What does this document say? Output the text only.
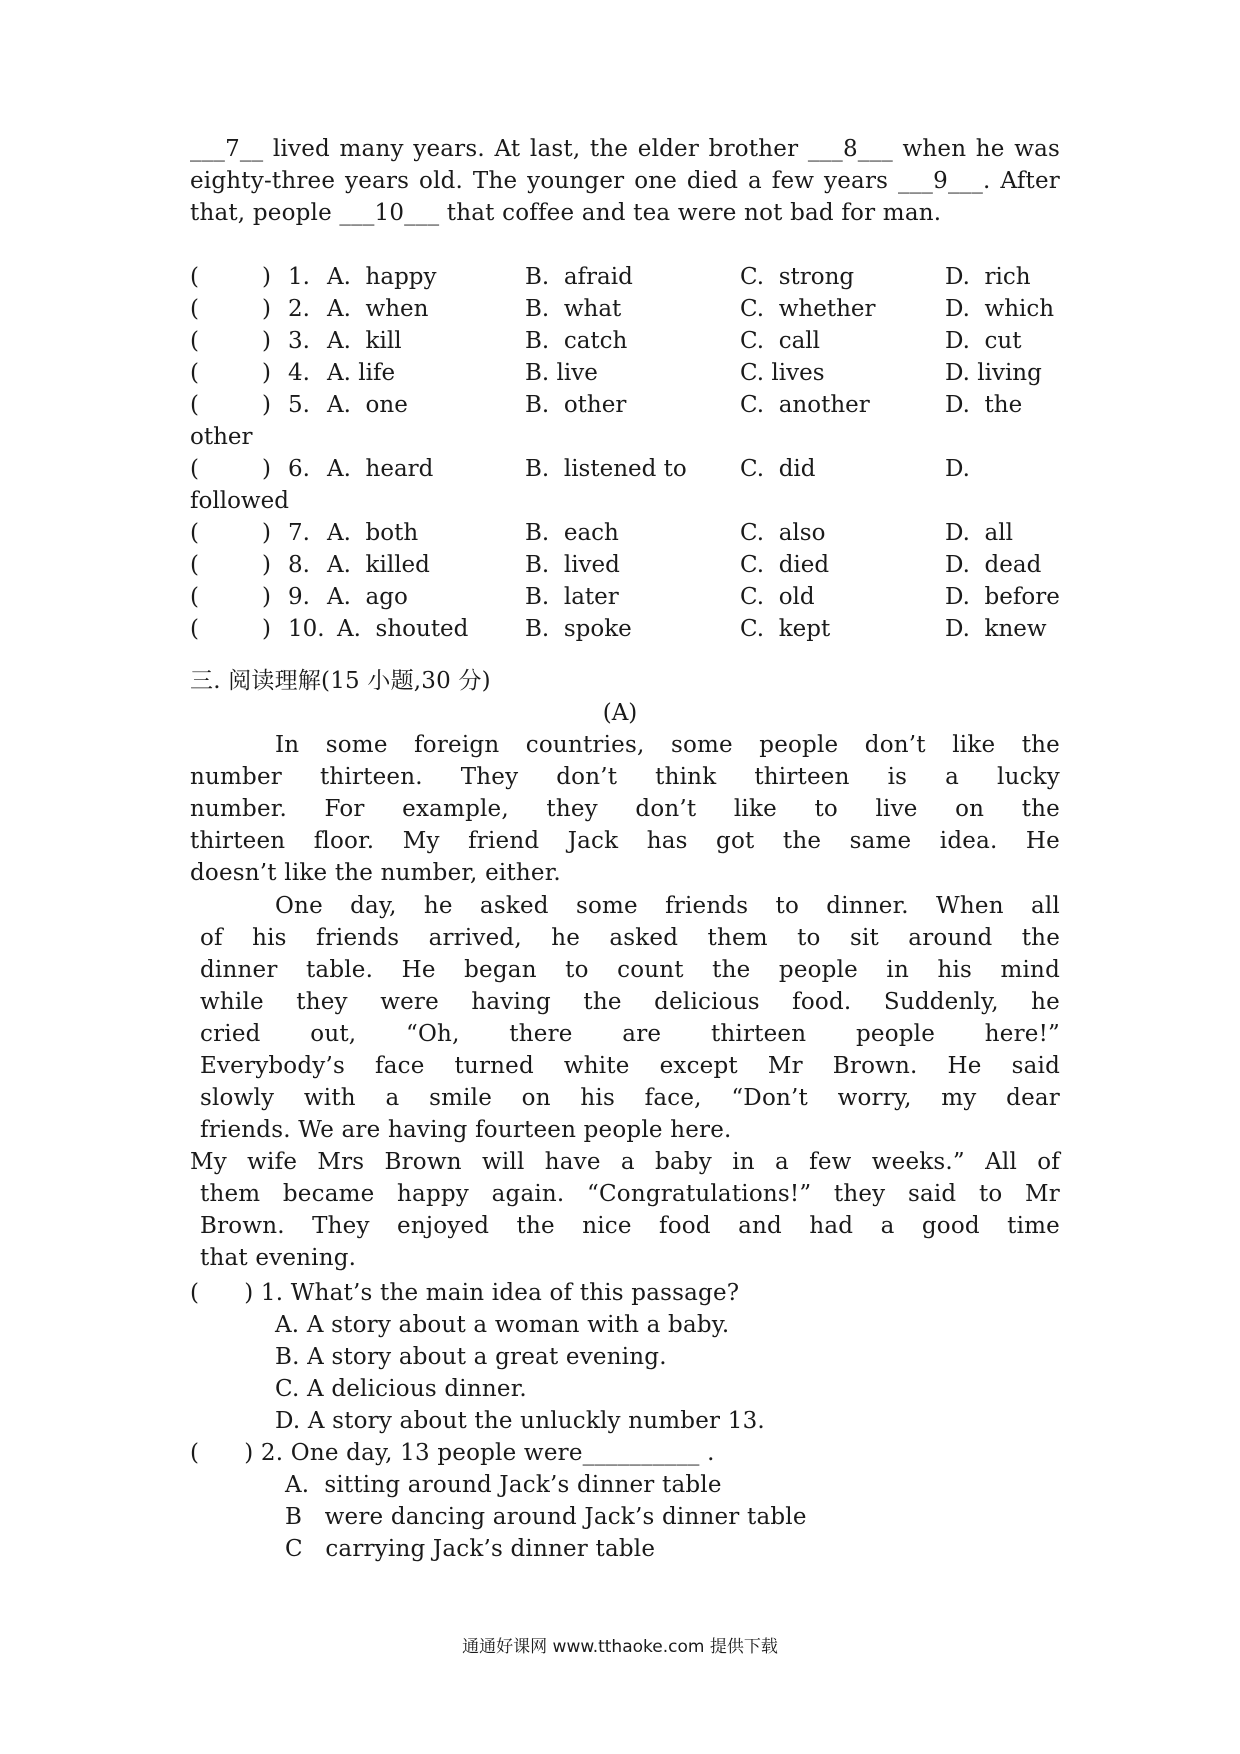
___7__ lived many years. At last, the elder brother ___8___ when he was
eighty-three years old. The younger one died a few years ___9___. After
that, people ___10___ that coffee and tea were not bad for man.
(	) 1. A.  happy	B.  afraid	C.  strong	D.  rich
(	) 2. A.  when	B.  what	C.  whether	D.  which
(	) 3. A.  kill	B.  catch	C.  call	D.  cut
(	) 4. A. life	B. live	C. lives	D. living
(	) 5. A.  one	B.  other	C.  another	D.  the
other
(	) 6. A.  heard	B.  listened to C.  did	D.
followed
(	) 7. A.  both	B.  each	C.  also	D.  all
(	) 8. A.  killed	B.  lived	C.  died	D.  dead
(	) 9. A.  ago	B.  later	C.  old	D.  before
(	) 10. A.  shouted B.  spoke	C.  kept	D.  knew
三. 阅读理解(15 小题,30 分)
(A)
In some foreign countries, some people don’t like the
number thirteen. They don’t think thirteen is a lucky
number. For example, they don’t like to live on the
thirteen floor. My friend Jack has got the same idea. He
doesn’t like the number, either.
One day, he asked some friends to dinner. When all
of his friends arrived, he asked them to sit around the
dinner table. He began to count the people in his mind
while they were having the delicious food. Suddenly, he
cried out, “Oh, there are thirteen people here!”
Everybody’s face turned white except Mr Brown. He said
slowly with a smile on his face, “Don’t worry, my dear
friends. We are having fourteen people here.
My wife Mrs Brown will have a baby in a few weeks.” All of
them became happy again. “Congratulations!” they said to Mr
Brown. They enjoyed the nice food and had a good time
that evening.
(      ) 1. What’s the main idea of this passage?
A. A story about a woman with a baby.
B. A story about a great evening.
C. A delicious dinner.
D. A story about the unluckly number 13.
(      ) 2. One day, 13 people were__________ .
A.  sitting around Jack’s dinner table
B   were dancing around Jack’s dinner table
C   carrying Jack’s dinner table
通通好课网 www.tthaoke.com 提供下载
